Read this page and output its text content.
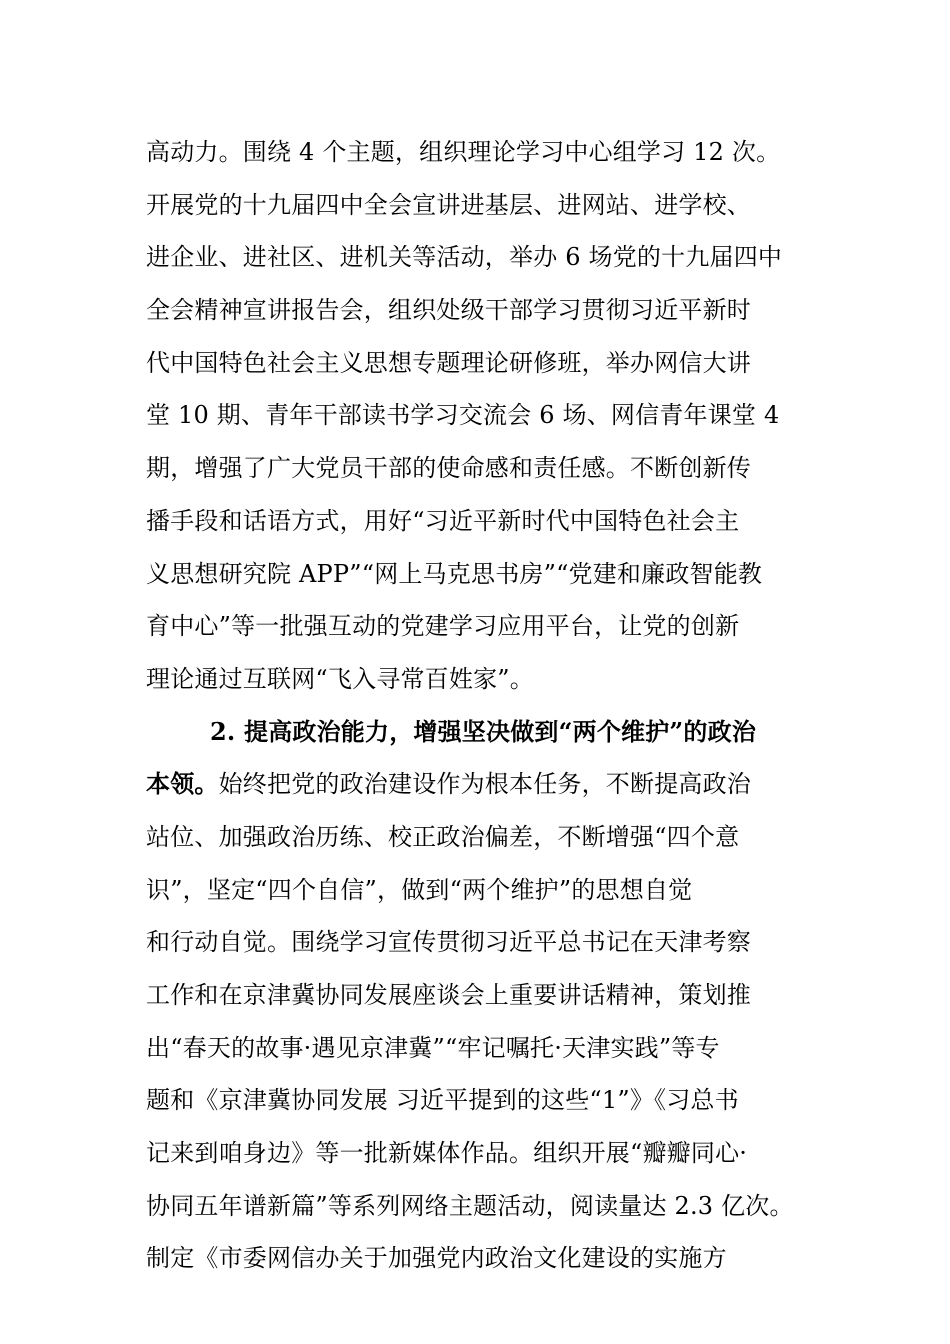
高动力。围绕 4 个主题，组织理论学习中心组学习 12 次。
开展党的十九届四中全会宣讲进基层、进网站、进学校、
进企业、进社区、进机关等活动，举办 6 场党的十九届四中
全会精神宣讲报告会，组织处级干部学习贯彻习近平新时
代中国特色社会主义思想专题理论研修班，举办网信大讲
堂 10 期、青年干部读书学习交流会 6 场、网信青年课堂 4
期，增强了广大党员干部的使命感和责任感。不断创新传
播手段和话语方式，用好“习近平新时代中国特色社会主
义思想研究院 APP”“网上马克思书房”“党建和廉政智能教
育中心”等一批强互动的党建学习应用平台，让党的创新
理论通过互联网“飞入寻常百姓家”。
2. 提高政治能力，增强坚决做到“两个维护”的政治
本领。始终把党的政治建设作为根本任务，不断提高政治
站位、加强政治历练、校正政治偏差，不断增强“四个意
识”，坚定“四个自信”，做到“两个维护”的思想自觉
和行动自觉。围绕学习宣传贯彻习近平总书记在天津考察
工作和在京津冀协同发展座谈会上重要讲话精神，策划推
出“春天的故事·遇见京津冀”“牢记嘱托·天津实践”等专
题和《京津冀协同发展 习近平提到的这些“1”》《习总书
记来到咱身边》等一批新媒体作品。组织开展“瓣瓣同心·
协同五年谱新篇”等系列网络主题活动，阅读量达 2.3 亿次。
制定《市委网信办关于加强党内政治文化建设的实施方
